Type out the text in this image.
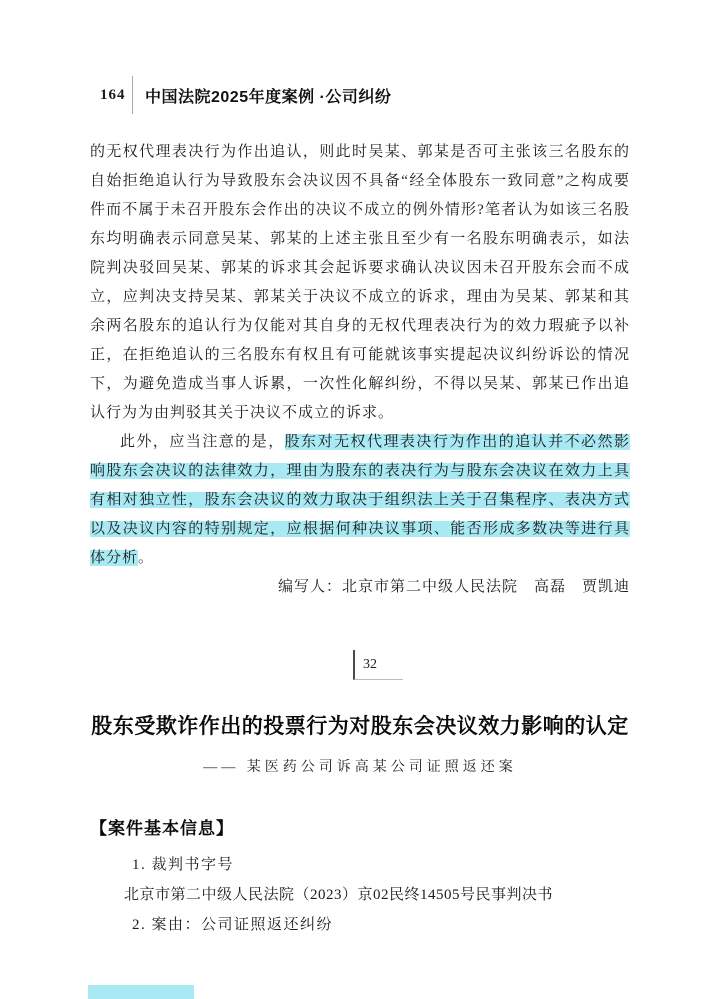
164 中国法院2025年度案例 ·公司纠纷

的无权代理表决行为作出追认，则此时吴某、郭某是否可主张该三名股东的自始拒绝追认行为导致股东会决议因不具备“经全体股东一致同意”之构成要件而不属于未召开股东会作出的决议不成立的例外情形?笔者认为如该三名股东均明确表示同意吴某、郭某的上述主张且至少有一名股东明确表示，如法院判决驳回吴某、郭某的诉求其会起诉要求确认决议因未召开股东会而不成立，应判决支持吴某、郭某关于决议不成立的诉求，理由为吴某、郭某和其余两名股东的追认行为仅能对其自身的无权代理表决行为的效力瑕疵予以补正，在拒绝追认的三名股东有权且有可能就该事实提起决议纠纷诉讼的情况下，为避免造成当事人诉累，一次性化解纠纷，不得以吴某、郭某已作出追认行为为由判驳其关于决议不成立的诉求。

此外，应当注意的是，股东对无权代理表决行为作出的追认并不必然影响股东会决议的法律效力，理由为股东的表决行为与股东会决议在效力上具有相对独立性，股东会决议的效力取决于组织法上关于召集程序、表决方式以及决议内容的特别规定，应根据何种决议事项、能否形成多数决等进行具体分析。

编写人：北京市第二中级人民法院　高磊　贾凯迪

32
股东受欺诈作出的投票行为对股东会决议效力影响的认定
—— 某医药公司诉高某公司证照返还案
【案件基本信息】
1. 裁判书字号
北京市第二中级人民法院（2023）京02民终14505号民事判决书
2. 案由：公司证照返还纠纷
